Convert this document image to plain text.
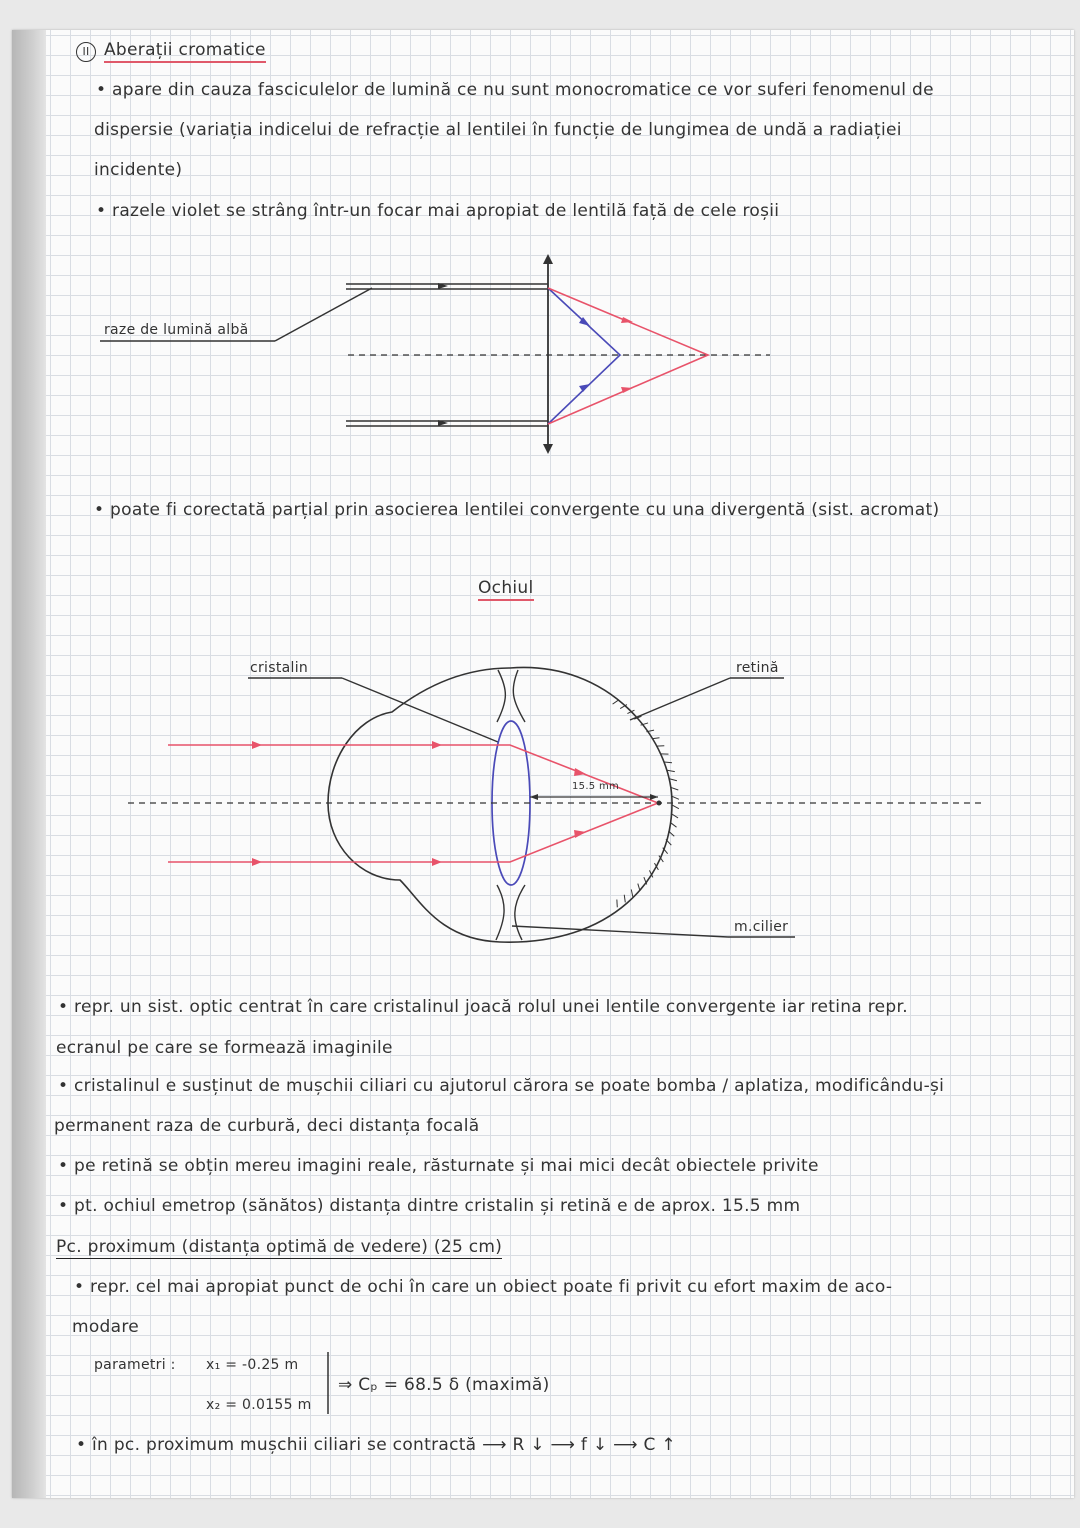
II Aberații cromatice
• apare din cauza fasciculelor de lumină ce nu sunt monocromatice ce vor suferi fenomenul de
dispersie (variația indicelui de refracție al lentilei în funcție de lungimea de undă a radiației
incidente)
• razele violet se strâng într-un focar mai apropiat de lentilă față de cele roșii
raze de lumină albă
• poate fi corectată parțial prin asocierea lentilei convergente cu una divergentă (sist. acromat)
Ochiul
cristalin	retină
15.5 mm
m.cilier
• repr. un sist. optic centrat în care cristalinul joacă rolul unei lentile convergente iar retina repr.
ecranul pe care se formează imaginile
• cristalinul e susținut de mușchii ciliari cu ajutorul cărora se poate bomba / aplatiza, modificându-și
permanent raza de curbură, deci distanța focală
• pe retină se obțin mereu imagini reale, răsturnate și mai mici decât obiectele privite
• pt. ochiul emetrop (sănătos) distanța dintre cristalin și retină e de aprox. 15.5 mm
Pc. proximum (distanța optimă de vedere) (25 cm)
• repr. cel mai apropiat punct de ochi în care un obiect poate fi privit cu efort maxim de aco-
modare
parametri : x₁ = -0.25 m
x₂ = 0.0155 m
⇒ Cₚ = 68.5 δ (maximă)
• în pc. proximum mușchii ciliari se contractă ⟶ R ↓ ⟶ f ↓ ⟶ C ↑
